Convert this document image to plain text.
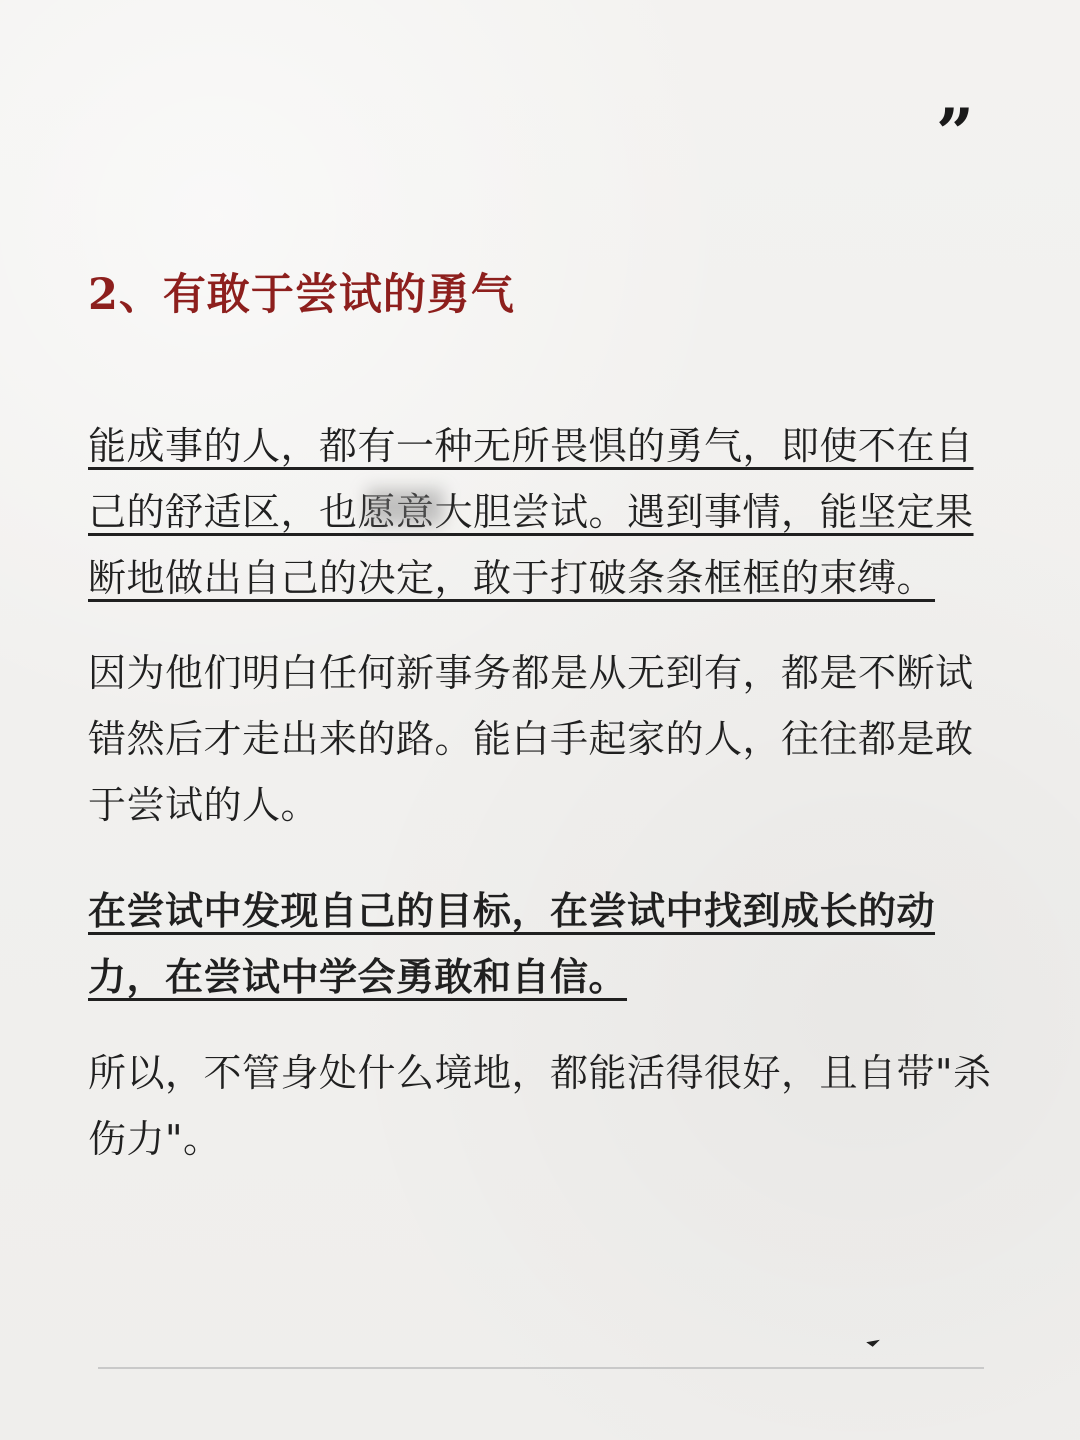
”
2、有敢于尝试的勇气

能成事的人，都有一种无所畏惧的勇气，即使不在自己的舒适区，也愿意大胆尝试。遇到事情，能坚定果断地做出自己的决定，敢于打破条条框框的束缚。

因为他们明白任何新事务都是从无到有，都是不断试错然后才走出来的路。能白手起家的人，往往都是敢于尝试的人。

在尝试中发现自己的目标，在尝试中找到成长的动力，在尝试中学会勇敢和自信。

所以，不管身处什么境地，都能活得很好，且自带"杀伤力"。
